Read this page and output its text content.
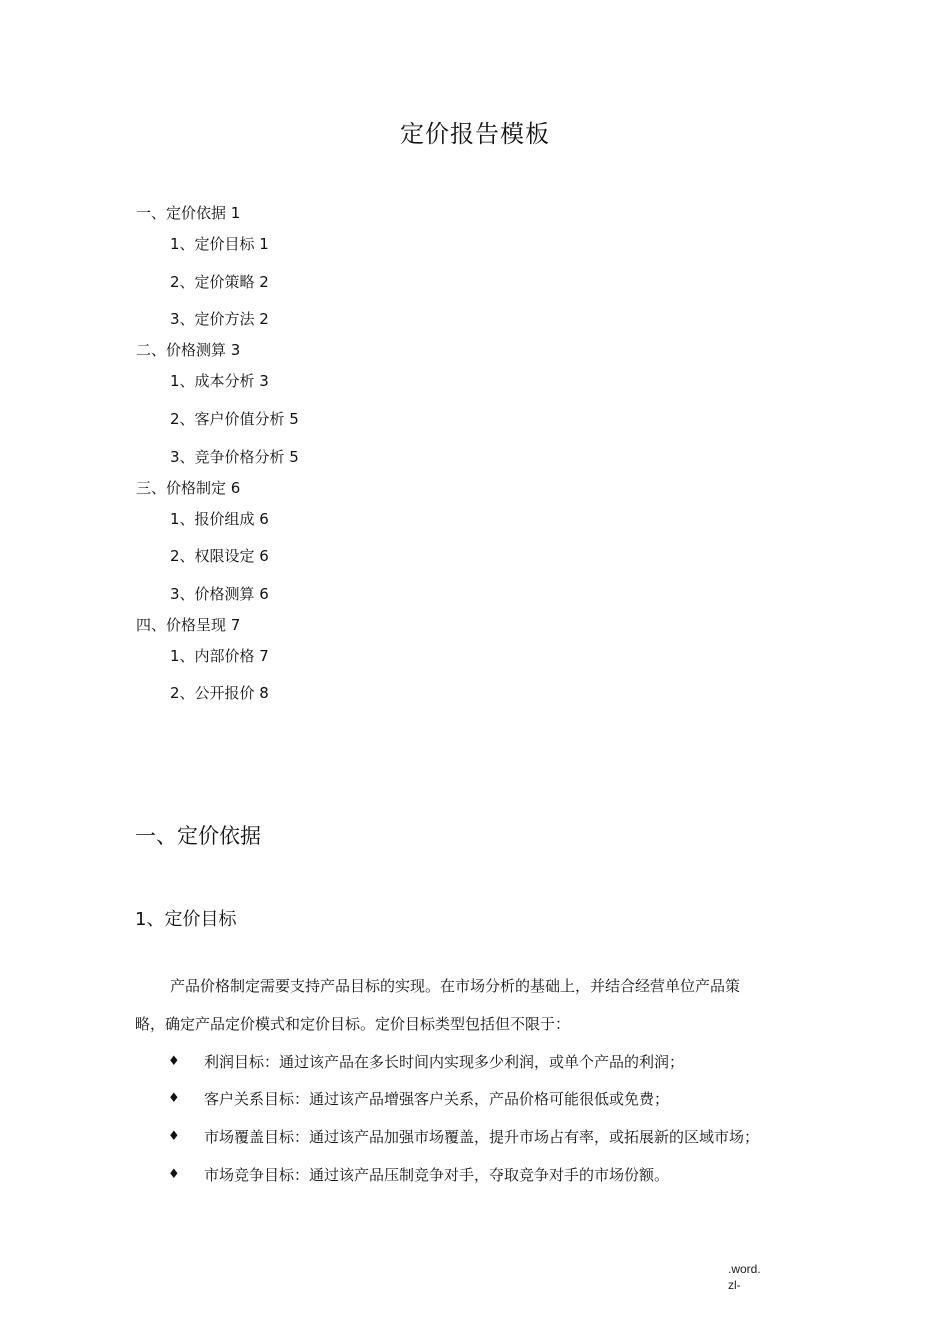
定价报告模板
一、定价依据 1
1、定价目标 1
2、定价策略 2
3、定价方法 2
二、价格测算 3
1、成本分析 3
2、客户价值分析 5
3、竞争价格分析 5
三、价格制定 6
1、报价组成 6
2、权限设定 6
3、价格测算 6
四、价格呈现 7
1、内部价格 7
2、公开报价 8
一、定价依据
1、定价目标
产品价格制定需要支持产品目标的实现。在市场分析的基础上，并结合经营单位产品策
略，确定产品定价模式和定价目标。定价目标类型包括但不限于：
♦ 利润目标：通过该产品在多长时间内实现多少利润，或单个产品的利润；
♦ 客户关系目标：通过该产品增强客户关系，产品价格可能很低或免费；
♦ 市场覆盖目标：通过该产品加强市场覆盖，提升市场占有率，或拓展新的区域市场；
♦ 市场竞争目标：通过该产品压制竞争对手，夺取竞争对手的市场份额。
.word.
zl-
